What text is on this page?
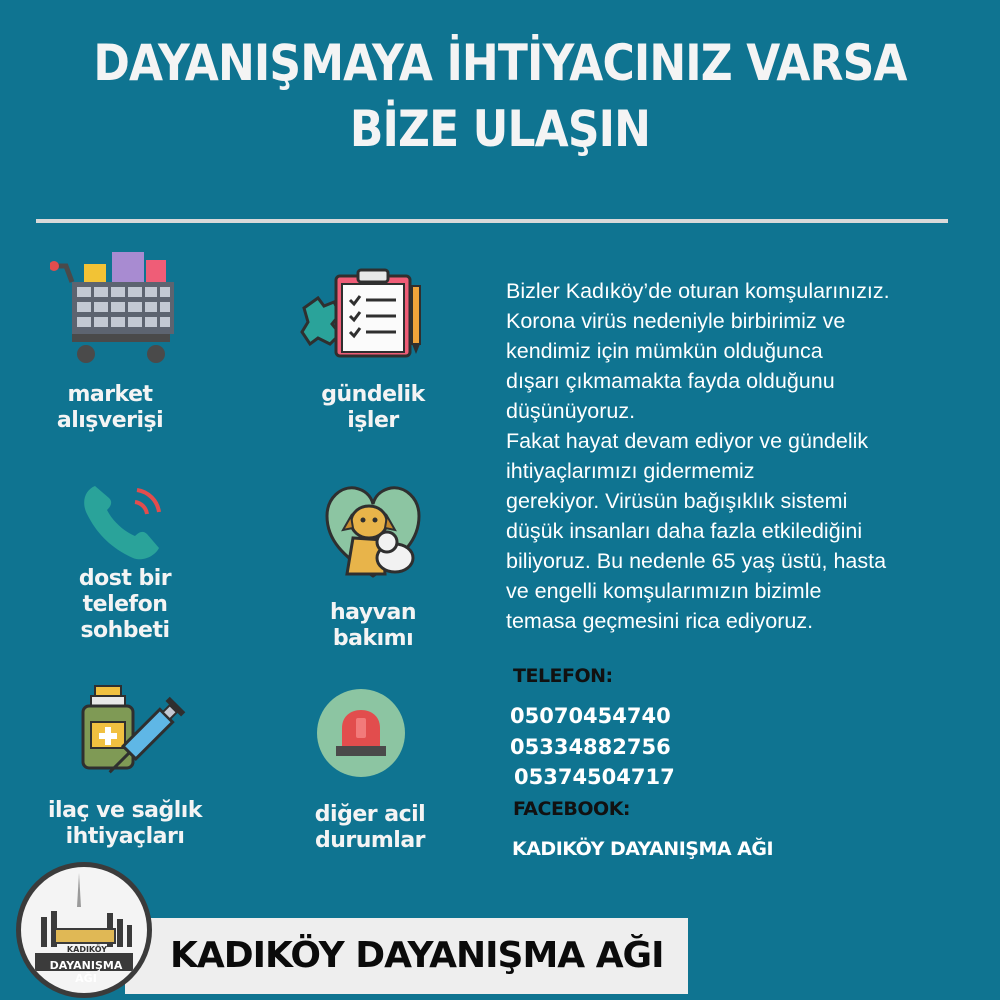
DAYANIŞMAYA İHTİYACINIZ VARSA
BİZE ULAŞIN
market
alışverişi
gündelik
işler
dost bir
telefon
sohbeti
hayvan
bakımı
ilaç ve sağlık
ihtiyaçları
diğer acil
durumlar
Bizler Kadıköy’de oturan komşularınızız.
Korona virüs nedeniyle birbirimiz ve
kendimiz için mümkün olduğunca
dışarı çıkmamakta fayda olduğunu
düşünüyoruz.
Fakat hayat devam ediyor ve gündelik
ihtiyaçlarımızı gidermemiz
gerekiyor. Virüsün bağışıklık sistemi
düşük insanları daha fazla etkilediğini
biliyoruz. Bu nedenle 65 yaş üstü, hasta
ve engelli komşularımızın bizimle
temasa geçmesini rica ediyoruz.
TELEFON:
05070454740
05334882756
05374504717
FACEBOOK:
KADIKÖY DAYANIŞMA AĞI
KADIKÖY DAYANIŞMA AĞI
KADIKÖY
DAYANIŞMA AĞI
